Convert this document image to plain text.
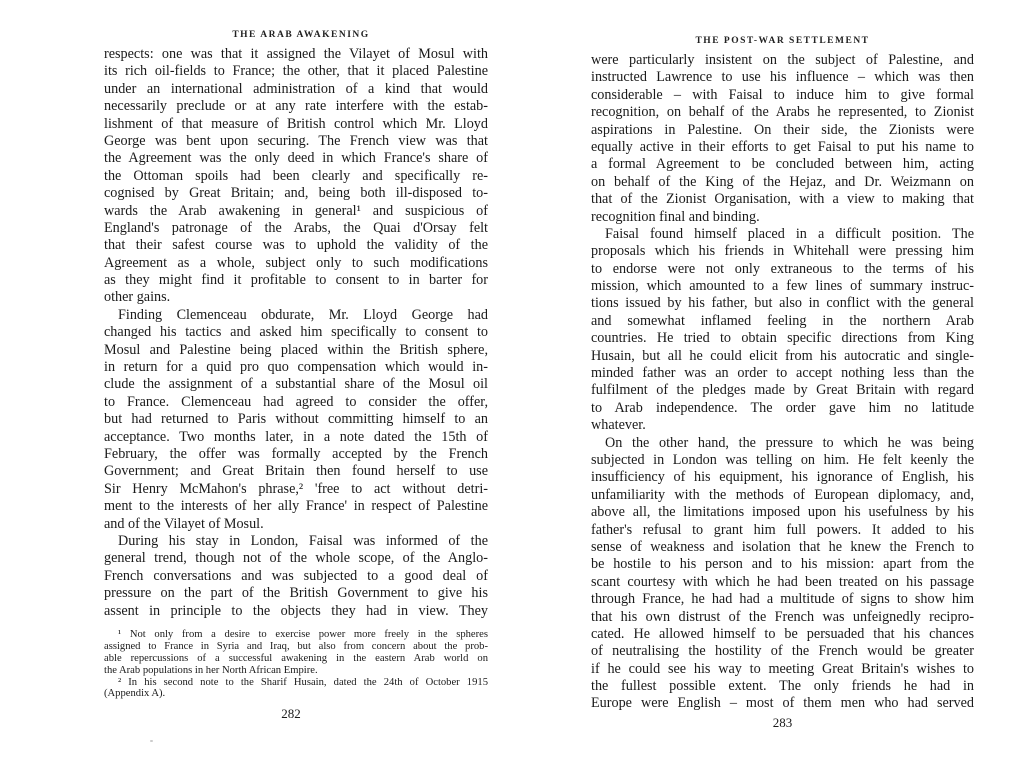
THE ARAB AWAKENING
respects: one was that it assigned the Vilayet of Mosul with
its rich oil-fields to France; the other, that it placed Palestine
under an international administration of a kind that would
necessarily preclude or at any rate interfere with the estab-
lishment of that measure of British control which Mr. Lloyd
George was bent upon securing. The French view was that
the Agreement was the only deed in which France's share of
the Ottoman spoils had been clearly and specifically re-
cognised by Great Britain; and, being both ill-disposed to-
wards the Arab awakening in general¹ and suspicious of
England's patronage of the Arabs, the Quai d'Orsay felt
that their safest course was to uphold the validity of the
Agreement as a whole, subject only to such modifications
as they might find it profitable to consent to in barter for
other gains.
Finding Clemenceau obdurate, Mr. Lloyd George had
changed his tactics and asked him specifically to consent to
Mosul and Palestine being placed within the British sphere,
in return for a quid pro quo compensation which would in-
clude the assignment of a substantial share of the Mosul oil
to France. Clemenceau had agreed to consider the offer,
but had returned to Paris without committing himself to an
acceptance. Two months later, in a note dated the 15th of
February, the offer was formally accepted by the French
Government; and Great Britain then found herself to use
Sir Henry McMahon's phrase,² 'free to act without detri-
ment to the interests of her ally France' in respect of Palestine
and of the Vilayet of Mosul.
During his stay in London, Faisal was informed of the
general trend, though not of the whole scope, of the Anglo-
French conversations and was subjected to a good deal of
pressure on the part of the British Government to give his
assent in principle to the objects they had in view. They
¹ Not only from a desire to exercise power more freely in the spheres
assigned to France in Syria and Iraq, but also from concern about the prob-
able repercussions of a successful awakening in the eastern Arab world on
the Arab populations in her North African Empire.
² In his second note to the Sharif Husain, dated the 24th of October 1915
(Appendix A).
282
THE POST-WAR SETTLEMENT
were particularly insistent on the subject of Palestine, and
instructed Lawrence to use his influence – which was then
considerable – with Faisal to induce him to give formal
recognition, on behalf of the Arabs he represented, to Zionist
aspirations in Palestine. On their side, the Zionists were
equally active in their efforts to get Faisal to put his name to
a formal Agreement to be concluded between him, acting
on behalf of the King of the Hejaz, and Dr. Weizmann on
that of the Zionist Organisation, with a view to making that
recognition final and binding.
Faisal found himself placed in a difficult position. The
proposals which his friends in Whitehall were pressing him
to endorse were not only extraneous to the terms of his
mission, which amounted to a few lines of summary instruc-
tions issued by his father, but also in conflict with the general
and somewhat inflamed feeling in the northern Arab
countries. He tried to obtain specific directions from King
Husain, but all he could elicit from his autocratic and single-
minded father was an order to accept nothing less than the
fulfilment of the pledges made by Great Britain with regard
to Arab independence. The order gave him no latitude
whatever.
On the other hand, the pressure to which he was being
subjected in London was telling on him. He felt keenly the
insufficiency of his equipment, his ignorance of English, his
unfamiliarity with the methods of European diplomacy, and,
above all, the limitations imposed upon his usefulness by his
father's refusal to grant him full powers. It added to his
sense of weakness and isolation that he knew the French to
be hostile to his person and to his mission: apart from the
scant courtesy with which he had been treated on his passage
through France, he had had a multitude of signs to show him
that his own distrust of the French was unfeignedly recipro-
cated. He allowed himself to be persuaded that his chances
of neutralising the hostility of the French would be greater
if he could see his way to meeting Great Britain's wishes to
the fullest possible extent. The only friends he had in
Europe were English – most of them men who had served
283
